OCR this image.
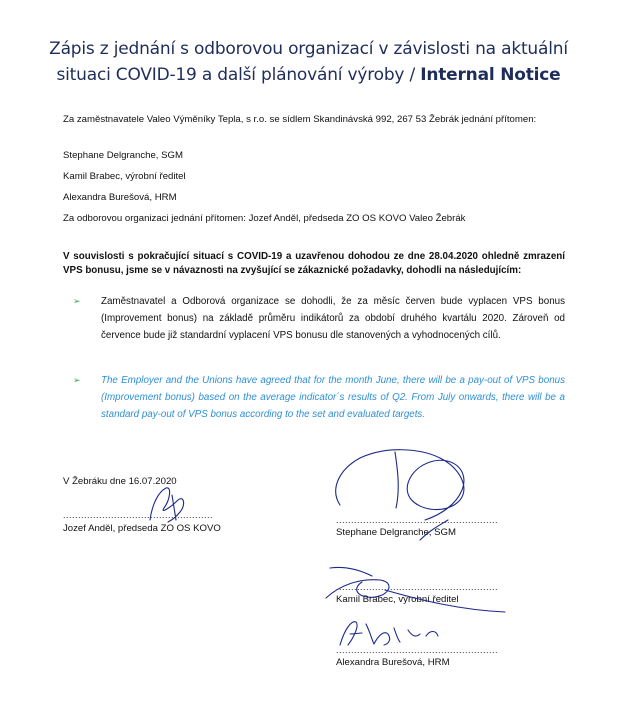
Zápis z jednání s odborovou organizací v závislosti na aktuální situaci COVID-19 a další plánování výroby / Internal Notice
Za zaměstnavatele Valeo Výměníky Tepla, s r.o. se sídlem Skandinávská 992, 267 53 Žebrák jednání přítomen:
Stephane Delgranche, SGM
Kamil Brabec, výrobní ředitel
Alexandra Burešová, HRM
Za odborovou organizaci jednání přítomen: Jozef Anděl, předseda ZO OS KOVO Valeo Žebrák
V souvislosti s pokračující situací s COVID-19 a uzavřenou dohodou ze dne 28.04.2020 ohledně zmrazení VPS bonusu, jsme se v návaznosti na zvyšující se zákaznické požadavky, dohodli na následujícím:
➢ Zaměstnavatel a Odborová organizace se dohodli, že za měsíc červen bude vyplacen VPS bonus (Improvement bonus) na základě průměru indikátorů za období druhého kvartálu 2020. Zároveň od července bude již standardní vyplacení VPS bonusu dle stanovených a vyhodnocených cílů.
➢ The Employer and the Unions have agreed that for the month June, there will be a pay-out of VPS bonus (Improvement bonus) based on the average indicator´s results of Q2. From July onwards, there will be a standard pay-out of VPS bonus according to the set and evaluated targets.
V Žebráku dne 16.07.2020
..................................................
Jozef Anděl, předseda ZO OS KOVO
......................................................
Stephane Delgranche, SGM
......................................................
Kamil Brabec, výrobní ředitel
......................................................
Alexandra Burešová, HRM
